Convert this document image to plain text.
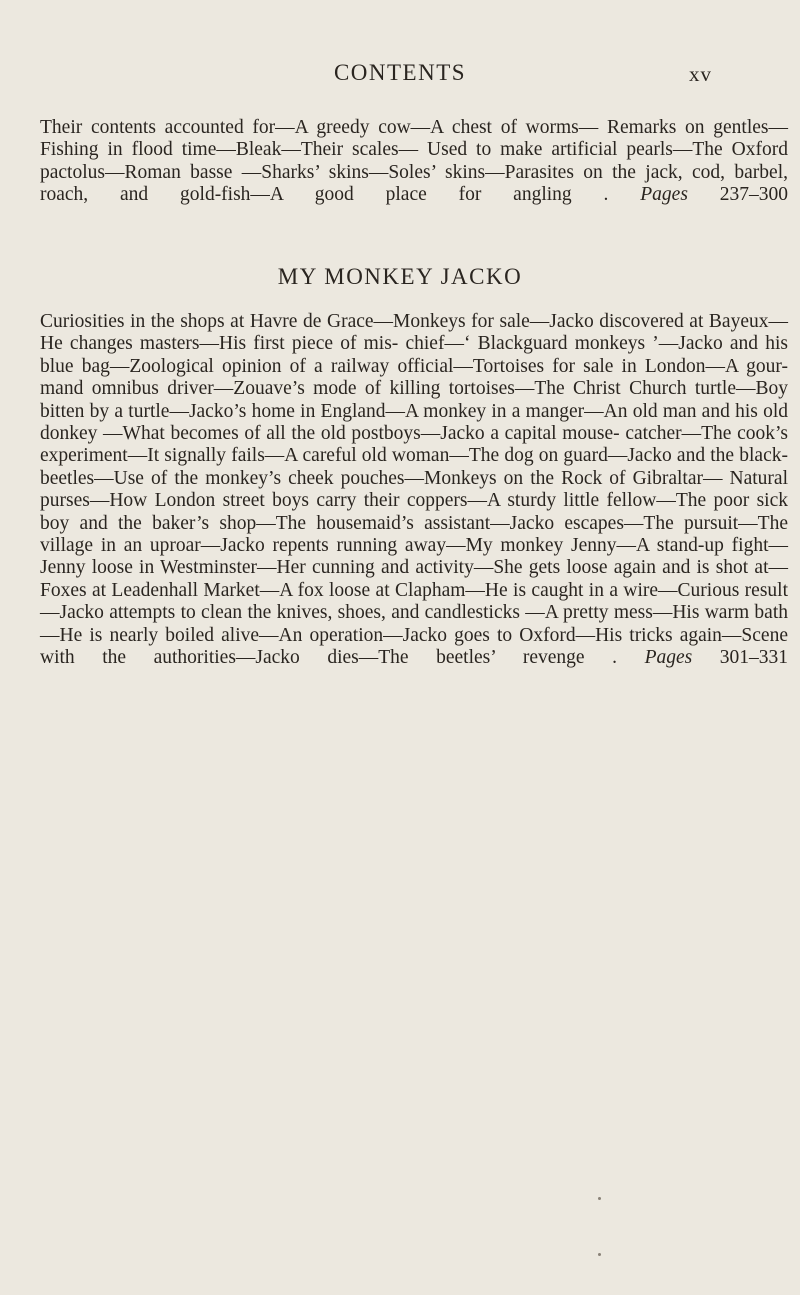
CONTENTS	xv

Their contents accounted for—A greedy cow—A chest of worms— Remarks on gentles—Fishing in flood time—Bleak—Their scales— Used to make artificial pearls—The Oxford pactolus—Roman basse —Sharks’ skins—Soles’ skins—Parasites on the jack, cod, barbel, roach, and gold-fish—A good place for angling . Pages 237–300

MY MONKEY JACKO

Curiosities in the shops at Havre de Grace—Monkeys for sale—Jacko discovered at Bayeux—He changes masters—His first piece of mis- chief—‘ Blackguard monkeys ’—Jacko and his blue bag—Zoological opinion of a railway official—Tortoises for sale in London—A gour- mand omnibus driver—Zouave’s mode of killing tortoises—The Christ Church turtle—Boy bitten by a turtle—Jacko’s home in England—A monkey in a manger—An old man and his old donkey —What becomes of all the old postboys—Jacko a capital mouse- catcher—The cook’s experiment—It signally fails—A careful old woman—The dog on guard—Jacko and the black-beetles—Use of the monkey’s cheek pouches—Monkeys on the Rock of Gibraltar— Natural purses—How London street boys carry their coppers—A sturdy little fellow—The poor sick boy and the baker’s shop—The housemaid’s assistant—Jacko escapes—The pursuit—The village in an uproar—Jacko repents running away—My monkey Jenny—A stand-up fight—Jenny loose in Westminster—Her cunning and activity—She gets loose again and is shot at—Foxes at Leadenhall Market—A fox loose at Clapham—He is caught in a wire—Curious result—Jacko attempts to clean the knives, shoes, and candlesticks —A pretty mess—His warm bath—He is nearly boiled alive—An operation—Jacko goes to Oxford—His tricks again—Scene with the authorities—Jacko dies—The beetles’ revenge . Pages 301–331
